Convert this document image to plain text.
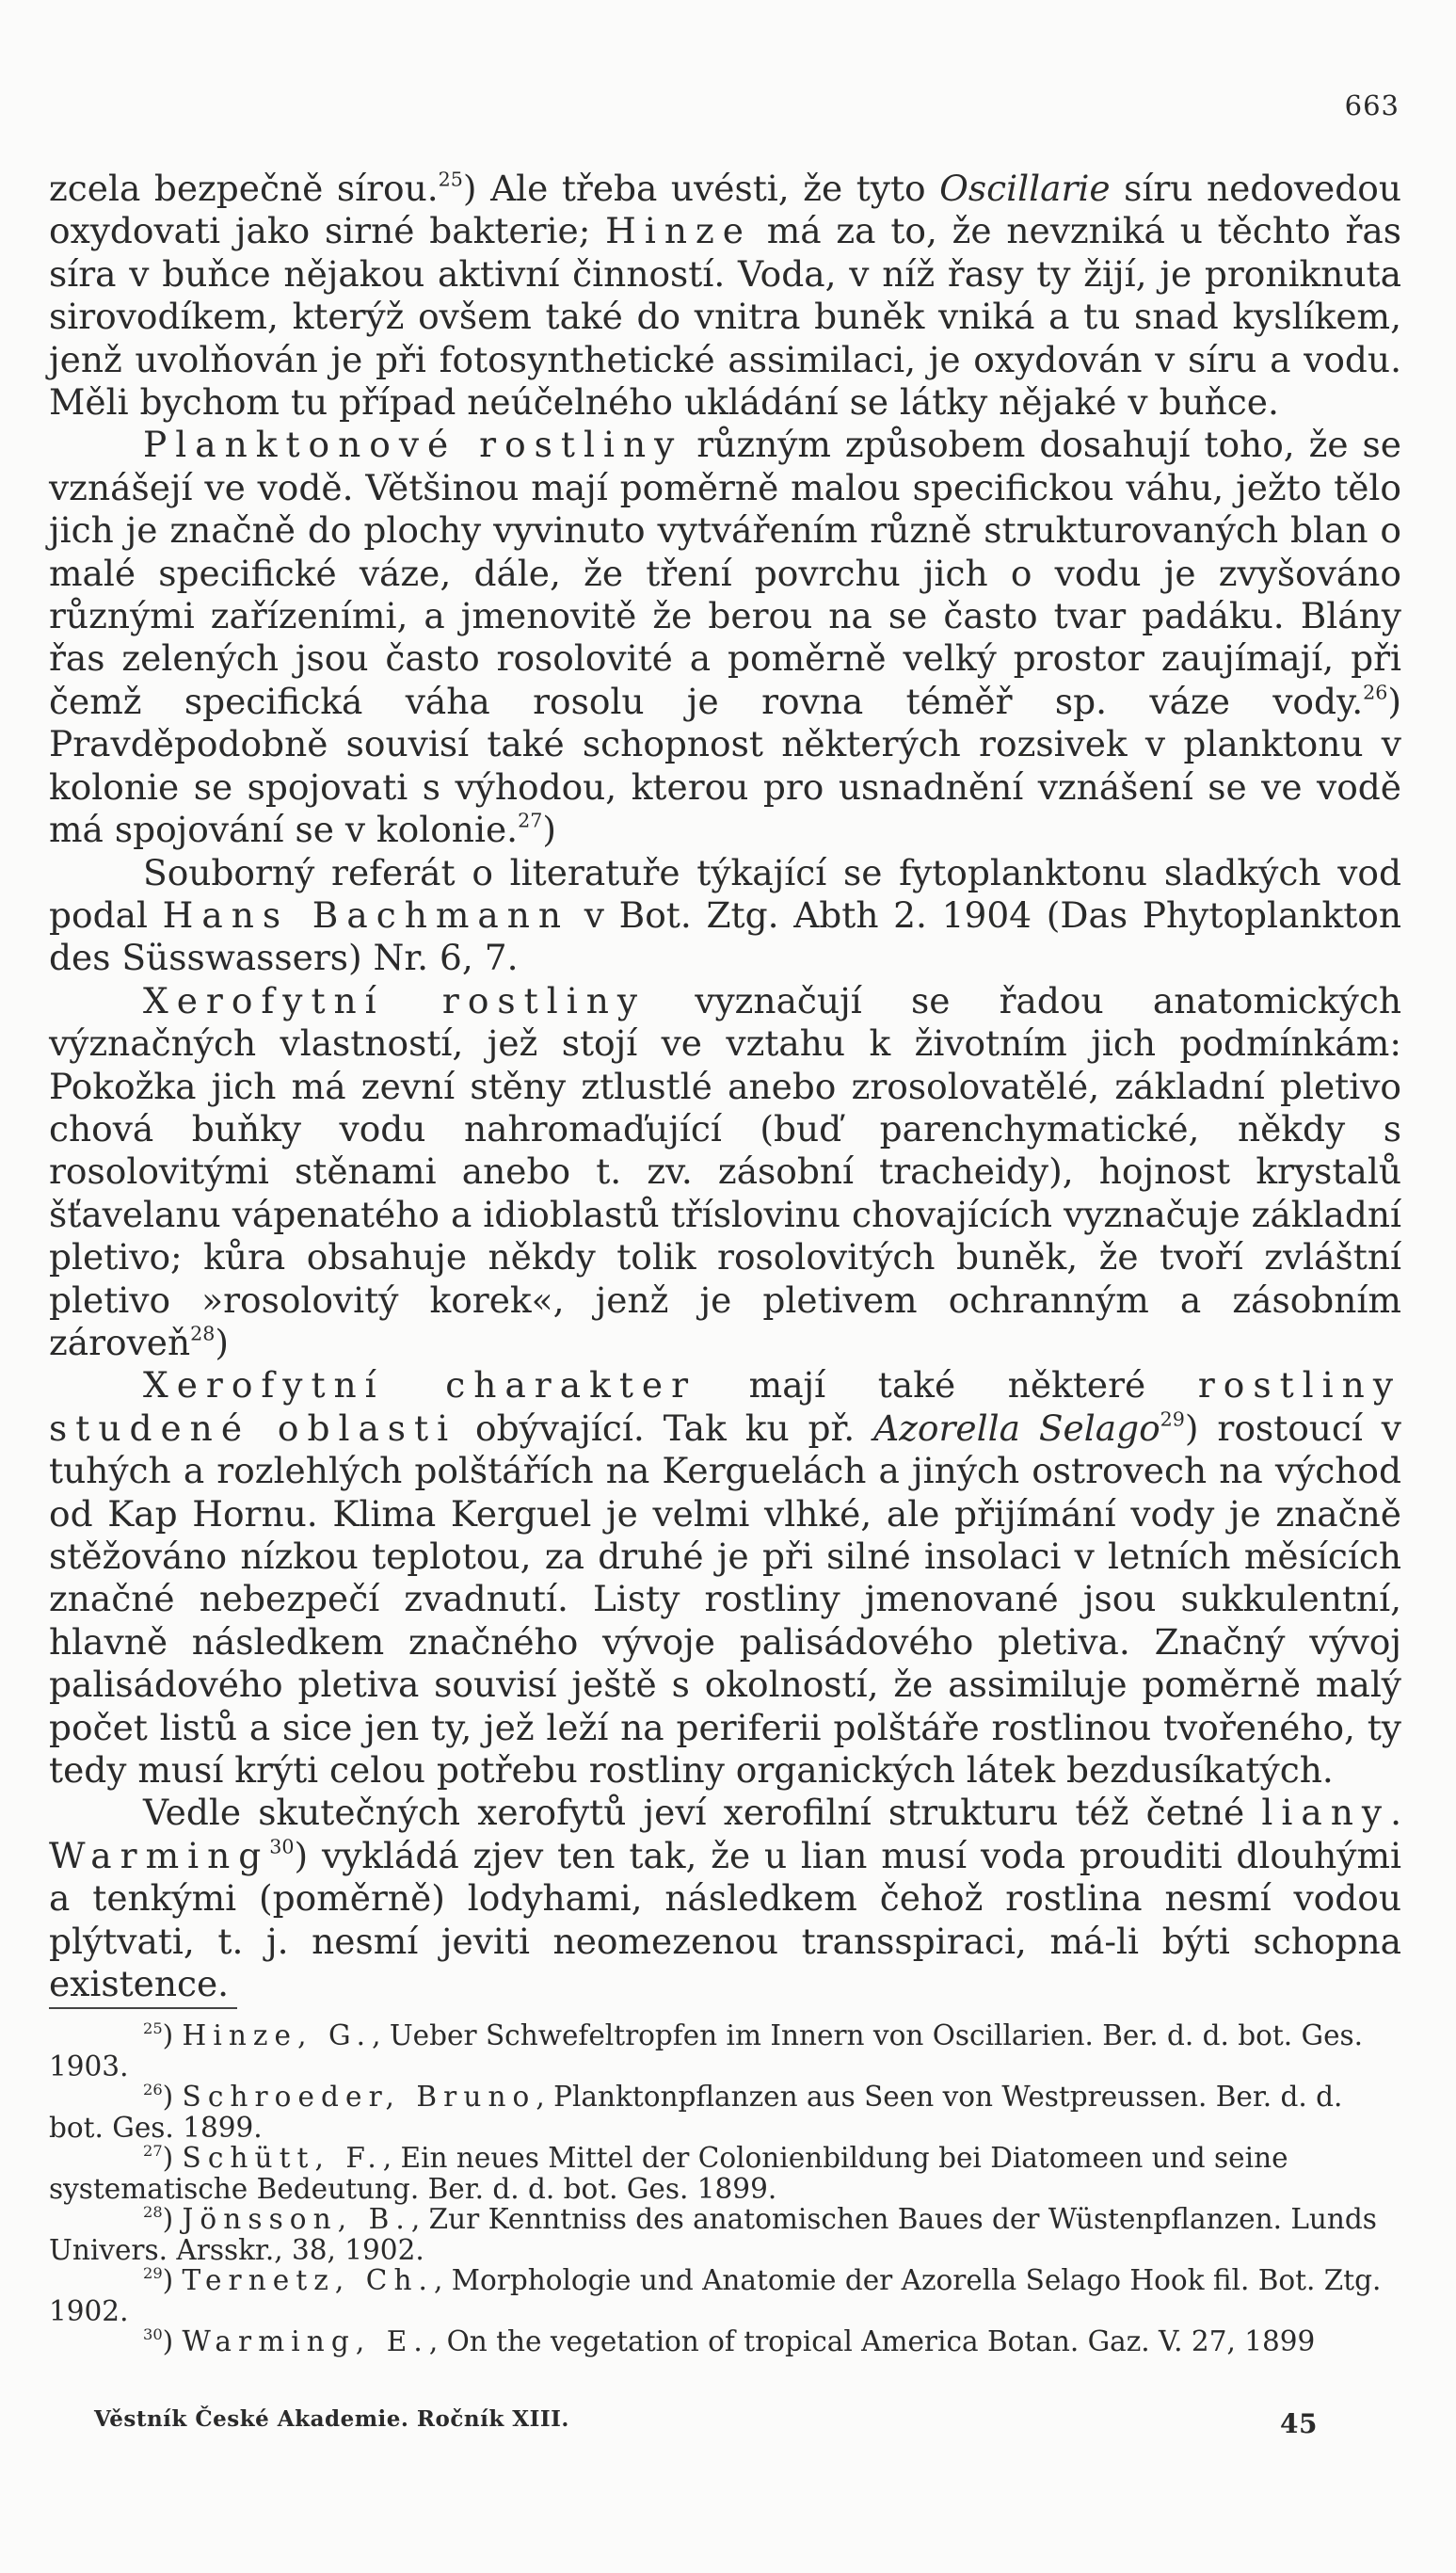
663

zcela bezpečně sírou.$^{25}$) Ale třeba uvésti, že tyto Oscillarie síru nedovedou oxydovati jako sirné bakterie; Hinze má za to, že nevzniká u těchto řas síra v buňce nějakou aktivní činností. Voda, v níž řasy ty žijí, je proniknuta sirovodíkem, kterýž ovšem také do vnitra buněk vniká a tu snad kyslíkem, jenž uvolňován je při fotosynthetické assimilaci, je oxydován v síru a vodu. Měli bychom tu případ neúčelného ukládání se látky nějaké v buňce.

Planktonové rostliny různým způsobem dosahují toho, že se vznášejí ve vodě. Většinou mají poměrně malou specifickou váhu, ježto tělo jich je značně do plochy vyvinuto vytvářením různě strukturovaných blan o malé specifické váze, dále, že tření povrchu jich o vodu je zvyšováno různými zařízeními, a jmenovitě že berou na se často tvar padáku. Blány řas zelených jsou často rosolovité a poměrně velký prostor zaujímají, při čemž specifická váha rosolu je rovna téměř sp. váze vody.$^{26}$) Pravděpodobně souvisí také schopnost některých rozsivek v planktonu v kolonie se spojovati s výhodou, kterou pro usnadnění vznášení se ve vodě má spojování se v kolonie.$^{27}$)

Souborný referát o literatuře týkající se fytoplanktonu sladkých vod podal Hans Bachmann v Bot. Ztg. Abth 2. 1904 (Das Phytoplankton des Süsswassers) Nr. 6, 7.

Xerofytní rostliny vyznačují se řadou anatomických význačných vlastností, jež stojí ve vztahu k životním jich podmínkám: Pokožka jich má zevní stěny ztlustlé anebo zrosolovatělé, základní pletivo chová buňky vodu nahromaďující (buď parenchymatické, někdy s rosolovitými stěnami anebo t. zv. zásobní tracheidy), hojnost krystalů šťavelanu vápenatého a idioblastů tříslovinu chovajících vyznačuje základní pletivo; kůra obsahuje někdy tolik rosolovitých buněk, že tvoří zvláštní pletivo »rosolovitý korek«, jenž je pletivem ochranným a zásobním zároveň$^{28}$)

Xerofytní charakter mají také některé rostliny studené oblasti obývající. Tak ku př. Azorella Selago$^{29}$) rostoucí v tuhých a rozlehlých polštářích na Kerguelách a jiných ostrovech na východ od Kap Hornu. Klima Kerguel je velmi vlhké, ale přijímání vody je značně stěžováno nízkou teplotou, za druhé je při silné insolaci v letních měsících značné nebezpečí zvadnutí. Listy rostliny jmenované jsou sukkulentní, hlavně následkem značného vývoje palisádového pletiva. Značný vývoj palisádového pletiva souvisí ještě s okolností, že assimiluje poměrně malý počet listů a sice jen ty, jež leží na periferii polštáře rostlinou tvořeného, ty tedy musí krýti celou potřebu rostliny organických látek bezdusíkatých.

Vedle skutečných xerofytů jeví xerofilní strukturu též četné liany. Warming$^{30}$) vykládá zjev ten tak, že u lian musí voda prouditi dlouhými a tenkými (poměrně) lodyhami, následkem čehož rostlina nesmí vodou plýtvati, t. j. nesmí jeviti neomezenou transspiraci, má-li býti schopna existence.

$^{25}$) Hinze, G., Ueber Schwefeltropfen im Innern von Oscillarien. Ber. d. d. bot. Ges. 1903.

$^{26}$) Schroeder, Bruno, Planktonpflanzen aus Seen von Westpreussen. Ber. d. d. bot. Ges. 1899.

$^{27}$) Schütt, F., Ein neues Mittel der Colonienbildung bei Diatomeen und seine systematische Bedeutung. Ber. d. d. bot. Ges. 1899.

$^{28}$) Jönsson, B., Zur Kenntniss des anatomischen Baues der Wüstenpflanzen. Lunds Univers. Arsskr., 38, 1902.

$^{29}$) Ternetz, Ch., Morphologie und Anatomie der Azorella Selago Hook fil. Bot. Ztg. 1902.

$^{30}$) Warming, E., On the vegetation of tropical America Botan. Gaz. V. 27, 1899

Věstník České Akademie. Ročník XIII.	45
